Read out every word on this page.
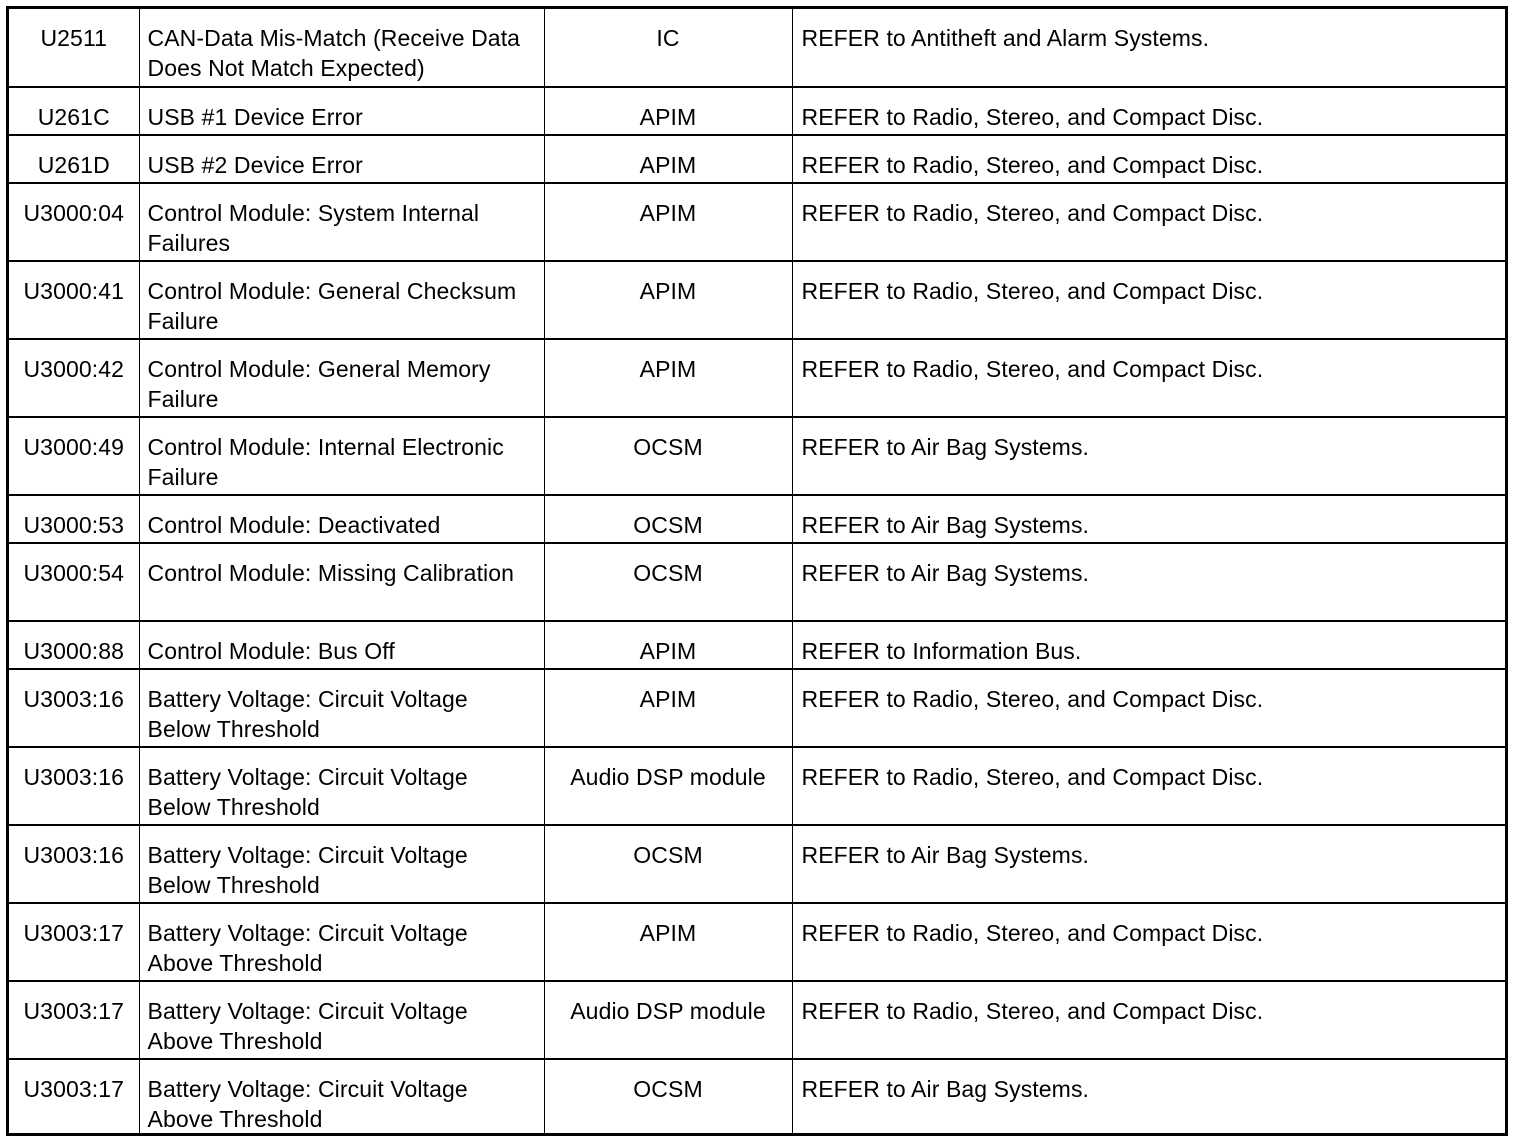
U2511	CAN-Data Mis-Match (Receive Data Does Not Match Expected)	IC	REFER to Antitheft and Alarm Systems.
U261C	USB #1 Device Error	APIM	REFER to Radio, Stereo, and Compact Disc.
U261D	USB #2 Device Error	APIM	REFER to Radio, Stereo, and Compact Disc.
U3000:04	Control Module: System Internal Failures	APIM	REFER to Radio, Stereo, and Compact Disc.
U3000:41	Control Module: General Checksum Failure	APIM	REFER to Radio, Stereo, and Compact Disc.
U3000:42	Control Module: General Memory Failure	APIM	REFER to Radio, Stereo, and Compact Disc.
U3000:49	Control Module: Internal Electronic Failure	OCSM	REFER to Air Bag Systems.
U3000:53	Control Module: Deactivated	OCSM	REFER to Air Bag Systems.
U3000:54	Control Module: Missing Calibration	OCSM	REFER to Air Bag Systems.
U3000:88	Control Module: Bus Off	APIM	REFER to Information Bus.
U3003:16	Battery Voltage: Circuit Voltage Below Threshold	APIM	REFER to Radio, Stereo, and Compact Disc.
U3003:16	Battery Voltage: Circuit Voltage Below Threshold	Audio DSP module	REFER to Radio, Stereo, and Compact Disc.
U3003:16	Battery Voltage: Circuit Voltage Below Threshold	OCSM	REFER to Air Bag Systems.
U3003:17	Battery Voltage: Circuit Voltage Above Threshold	APIM	REFER to Radio, Stereo, and Compact Disc.
U3003:17	Battery Voltage: Circuit Voltage Above Threshold	Audio DSP module	REFER to Radio, Stereo, and Compact Disc.
U3003:17	Battery Voltage: Circuit Voltage Above Threshold	OCSM	REFER to Air Bag Systems.
